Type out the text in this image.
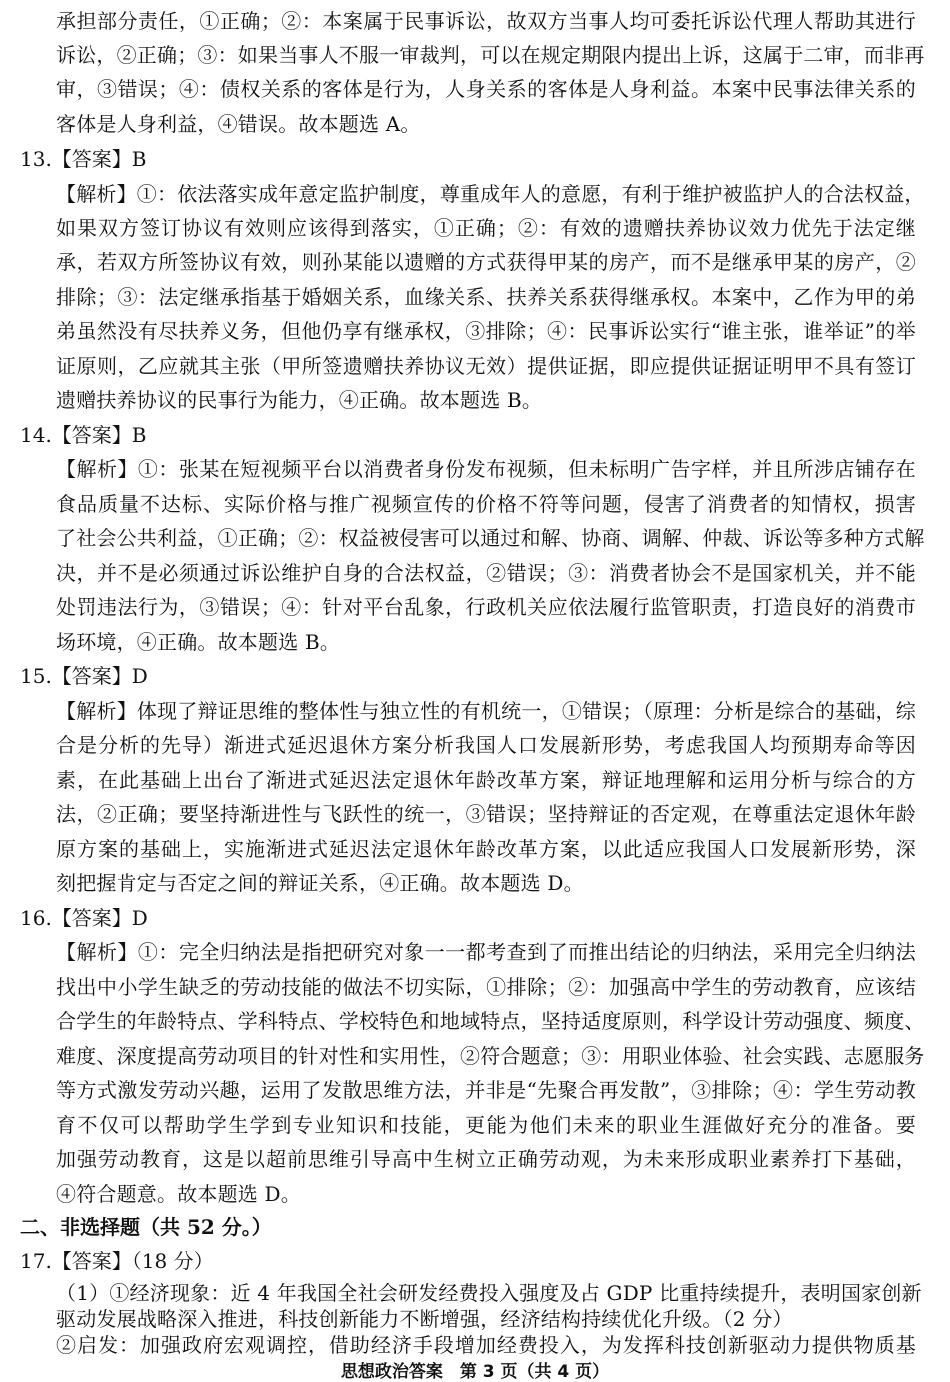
承担部分责任，①正确；②：本案属于民事诉讼，故双方当事人均可委托诉讼代理人帮助其进行
诉讼，②正确；③：如果当事人不服一审裁判，可以在规定期限内提出上诉，这属于二审，而非再
审，③错误；④：债权关系的客体是行为，人身关系的客体是人身利益。本案中民事法律关系的
客体是人身利益，④错误。故本题选 A。
13.【答案】B
【解析】①：依法落实成年意定监护制度，尊重成年人的意愿，有利于维护被监护人的合法权益，
如果双方签订协议有效则应该得到落实，①正确；②：有效的遗赠扶养协议效力优先于法定继
承，若双方所签协议有效，则孙某能以遗赠的方式获得甲某的房产，而不是继承甲某的房产，②
排除；③：法定继承指基于婚姻关系，血缘关系、扶养关系获得继承权。本案中，乙作为甲的弟
弟虽然没有尽扶养义务，但他仍享有继承权，③排除；④：民事诉讼实行“谁主张，谁举证”的举
证原则，乙应就其主张（甲所签遗赠扶养协议无效）提供证据，即应提供证据证明甲不具有签订
遗赠扶养协议的民事行为能力，④正确。故本题选 B。
14.【答案】B
【解析】①：张某在短视频平台以消费者身份发布视频，但未标明广告字样，并且所涉店铺存在
食品质量不达标、实际价格与推广视频宣传的价格不符等问题，侵害了消费者的知情权，损害
了社会公共利益，①正确；②：权益被侵害可以通过和解、协商、调解、仲裁、诉讼等多种方式解
决，并不是必须通过诉讼维护自身的合法权益，②错误；③：消费者协会不是国家机关，并不能
处罚违法行为，③错误；④：针对平台乱象，行政机关应依法履行监管职责，打造良好的消费市
场环境，④正确。故本题选 B。
15.【答案】D
【解析】体现了辩证思维的整体性与独立性的有机统一，①错误；（原理：分析是综合的基础，综
合是分析的先导）渐进式延迟退休方案分析我国人口发展新形势，考虑我国人均预期寿命等因
素，在此基础上出台了渐进式延迟法定退休年龄改革方案，辩证地理解和运用分析与综合的方
法，②正确；要坚持渐进性与飞跃性的统一，③错误；坚持辩证的否定观，在尊重法定退休年龄
原方案的基础上，实施渐进式延迟法定退休年龄改革方案，以此适应我国人口发展新形势，深
刻把握肯定与否定之间的辩证关系，④正确。故本题选 D。
16.【答案】D
【解析】①：完全归纳法是指把研究对象一一都考查到了而推出结论的归纳法，采用完全归纳法
找出中小学生缺乏的劳动技能的做法不切实际，①排除；②：加强高中学生的劳动教育，应该结
合学生的年龄特点、学科特点、学校特色和地域特点，坚持适度原则，科学设计劳动强度、频度、
难度、深度提高劳动项目的针对性和实用性，②符合题意；③：用职业体验、社会实践、志愿服务
等方式激发劳动兴趣，运用了发散思维方法，并非是“先聚合再发散”，③排除；④：学生劳动教
育不仅可以帮助学生学到专业知识和技能，更能为他们未来的职业生涯做好充分的准备。要
加强劳动教育，这是以超前思维引导高中生树立正确劳动观，为未来形成职业素养打下基础，
④符合题意。故本题选 D。
二、非选择题（共 52 分。）
17.【答案】（18 分）
（1）①经济现象：近 4 年我国全社会研发经费投入强度及占 GDP 比重持续提升，表明国家创新
驱动发展战略深入推进，科技创新能力不断增强，经济结构持续优化升级。（2 分）
思想政治答案　第 3 页（共 4 页）
②启发：加强政府宏观调控，借助经济手段增加经费投入，为发挥科技创新驱动力提供物质基
